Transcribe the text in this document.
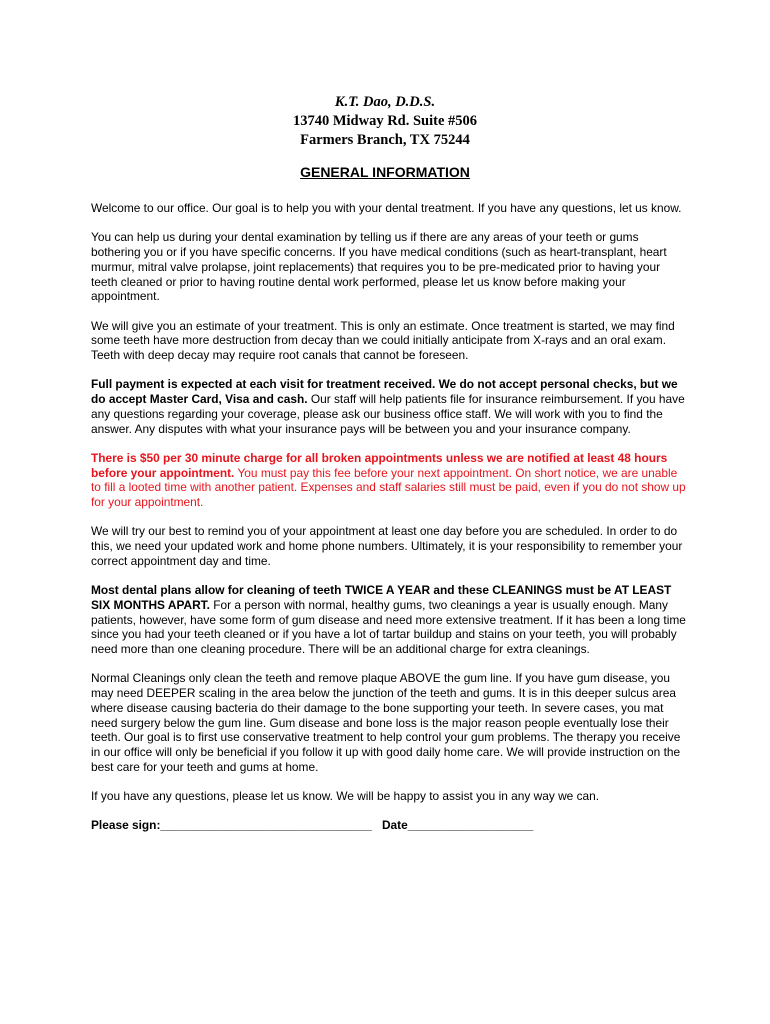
K.T. Dao, D.D.S.
13740 Midway Rd. Suite #506
Farmers Branch, TX 75244
GENERAL INFORMATION

Welcome to our office. Our goal is to help you with your dental treatment. If you have any questions, let us know.

You can help us during your dental examination by telling us if there are any areas of your teeth or gums bothering you or if you have specific concerns. If you have medical conditions (such as heart-transplant, heart murmur, mitral valve prolapse, joint replacements) that requires you to be pre-medicated prior to having your teeth cleaned or prior to having routine dental work performed, please let us know before making your appointment.

We will give you an estimate of your treatment. This is only an estimate. Once treatment is started, we may find some teeth have more destruction from decay than we could initially anticipate from X-rays and an oral exam. Teeth with deep decay may require root canals that cannot be foreseen.

Full payment is expected at each visit for treatment received. We do not accept personal checks, but we do accept Master Card, Visa and cash. Our staff will help patients file for insurance reimbursement. If you have any questions regarding your coverage, please ask our business office staff. We will work with you to find the answer. Any disputes with what your insurance pays will be between you and your insurance company.

There is $50 per 30 minute charge for all broken appointments unless we are notified at least 48 hours before your appointment. You must pay this fee before your next appointment. On short notice, we are unable to fill a looted time with another patient. Expenses and staff salaries still must be paid, even if you do not show up for your appointment.

We will try our best to remind you of your appointment at least one day before you are scheduled. In order to do this, we need your updated work and home phone numbers. Ultimately, it is your responsibility to remember your correct appointment day and time.

Most dental plans allow for cleaning of teeth TWICE A YEAR and these CLEANINGS must be AT LEAST SIX MONTHS APART. For a person with normal, healthy gums, two cleanings a year is usually enough. Many patients, however, have some form of gum disease and need more extensive treatment. If it has been a long time since you had your teeth cleaned or if you have a lot of tartar buildup and stains on your teeth, you will probably need more than one cleaning procedure. There will be an additional charge for extra cleanings.

Normal Cleanings only clean the teeth and remove plaque ABOVE the gum line. If you have gum disease, you may need DEEPER scaling in the area below the junction of the teeth and gums. It is in this deeper sulcus area where disease causing bacteria do their damage to the bone supporting your teeth. In severe cases, you mat need surgery below the gum line. Gum disease and bone loss is the major reason people eventually lose their teeth. Our goal is to first use conservative treatment to help control your gum problems. The therapy you receive in our office will only be beneficial if you follow it up with good daily home care. We will provide instruction on the best care for your teeth and gums at home.

If you have any questions, please let us know. We will be happy to assist you in any way we can.

Please sign:________________________________ Date___________________
